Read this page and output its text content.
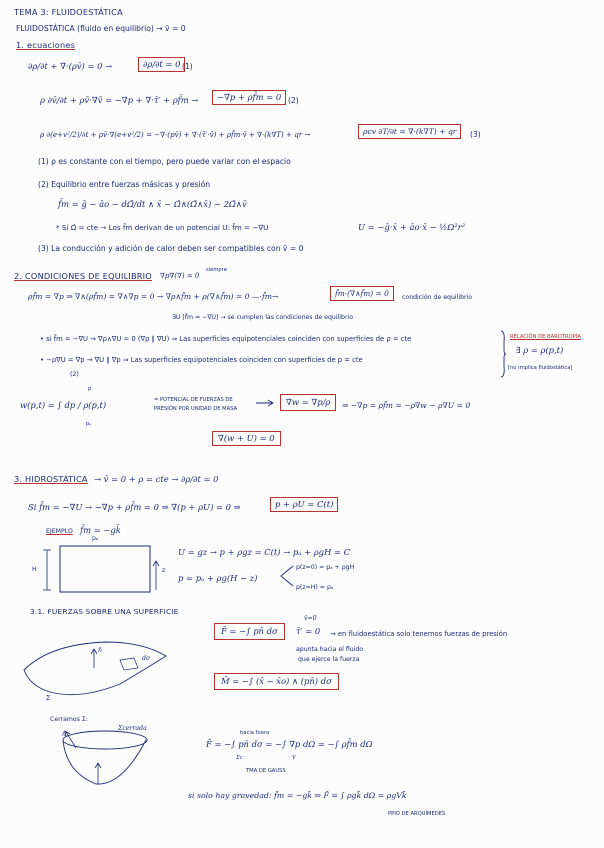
TEMA 3: FLUIDOESTÁTICA
FLUIDOSTÁTICA (fluido en equilibrio) → v̄ = 0
1. ecuaciones
∂ρ/∂t + ∇·(ρv̄) = 0 →	∂ρ/∂t = 0 (1)
ρ ∂v̄/∂t + ρv̄·∇v̄ = −∇p + ∇·τ̄′ + ρf̄m →	−∇p + ρf̄m = 0 (2)
ρ ∂(e+v²/2)/∂t + ρv̄·∇(e+v²/2) = −∇·(pv̄) + ∇·(τ̄′·v̄) + ρf̄m·v̄ + ∇·(k∇T) + qr →	ρcv ∂T/∂t = ∇·(k∇T) + qr	(3)
(1) ρ es constante con el tiempo, pero puede variar con el espacio
(2) Equilibrio entre fuerzas másicas y presión
f̄m = ḡ − āo − dΩ̄/dt ∧ x̄ − Ω̄∧(Ω̄∧x̄) − 2Ω̄∧v̄
* Si Ω̄ = cte → Los f̄m derivan de un potencial U: f̄m = −∇U	U = −ḡ·x̄ + āo·x̄ − ½Ω²r²
(3) La conducción y adición de calor deben ser compatibles con v̄ = 0
2. CONDICIONES DE EQUILIBRIO ∇p∇(∇) = 0
siempre
ρf̄m = ∇p ⇒ ∇∧(ρf̄m) = ∇∧∇p = 0 → ∇ρ∧f̄m + ρ(∇∧f̄m) = 0 —·f̄m→	f̄m·(∇∧f̄m) = 0	condición de equilibrio
∃U [f̄m = −∇U] → se cumplen las condiciones de equilibrio
• si f̄m = −∇U → ∇ρ∧∇U = 0 (∇ρ ∥ ∇U) ⇒ Las superficies equipotenciales coinciden con superficies de ρ = cte
• −ρ∇U = ∇p → ∇U ∥ ∇p ⇒ Las superficies equipotenciales coinciden con superficies de p = cte
(2)
RELACIÓN DE BAROTROPÍA
∃ ρ = ρ(p,t)
[no implica fluidostática]
w(p,t) = ∫ dp / ρ(p,t)
p
pₐ
= POTENCIAL DE FUERZAS DE
PRESIÓN POR UNIDAD DE MASA
∇w = ∇p/ρ	⇒ −∇p = ρf̄m = −ρ∇w − ρ∇U = 0
∇(w + U) = 0
3. HIDROSTÁTICA → v̄ = 0 + ρ = cte → ∂ρ/∂t = 0
Si f̄m = −∇U → −∇p + ρf̄m = 0 ⇒ ∇(p + ρU) = 0 ⇒	p + ρU = C(t)
EJEMPLO f̄m = −gk̄
pₐ
H	z
U = gz → p + ρgz = C(t) → pₐ + ρgH = C
p = pₐ + ρg(H − z)
p(z=0) = pₐ + ρgH
p(z=H) = pₐ
3.1. FUERZAS SOBRE UNA SUPERFICIE
n̄
dσ
Σ
F̄ = −∫ pn̄ dσ
v̄=0
τ̄′ = 0 → en fluidoestática solo tenemos fuerzas de presión
apunta hacia el fluido
que ejerce la fuerza
M̄ = −∫ (x̄ − x̄o) ∧ (pn̄) dσ
Cerramos Σ:
n̄
Σcerrada
hacia fuera
F̄ = −∫ pn̄ dσ = −∫ ∇p dΩ = −∫ ρf̄m dΩ
Σc	V
TMA DE GAUSS
si solo hay gravedad: f̄m = −gk̄ ⇒ F̄ = ∫ ρgk̄ dΩ = ρgVk̄
PPIO DE ARQUÍMEDES
